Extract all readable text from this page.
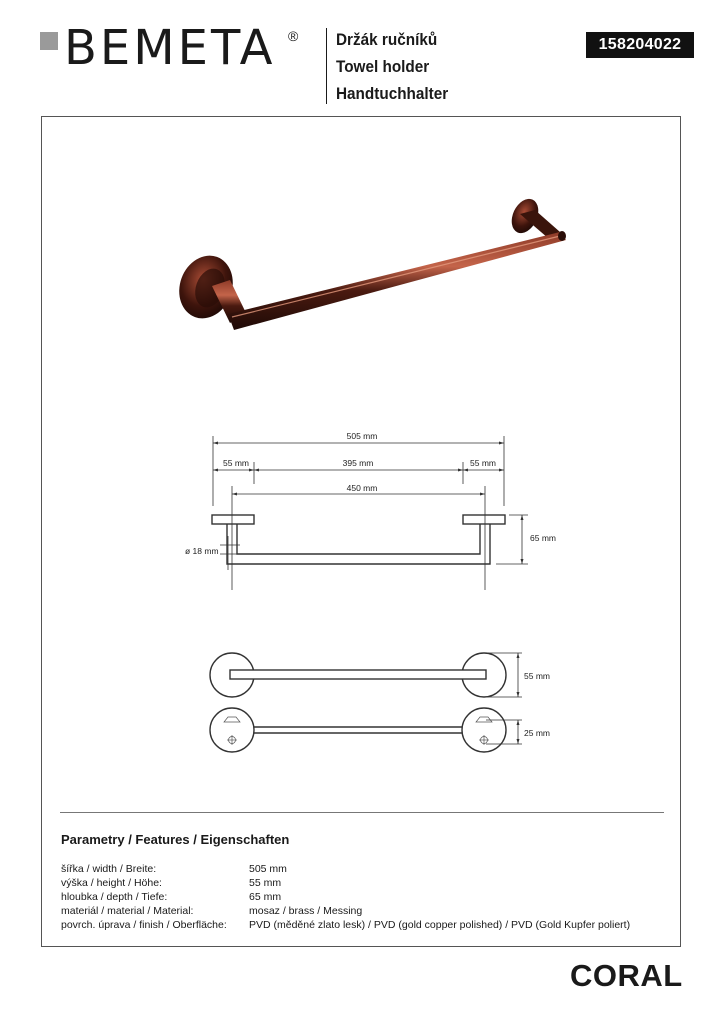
BEMETA ® Držák ručníků
Towel holder
Handtuchhalter
158204022
505 mm
55 mm	395 mm	55 mm
450 mm
65 mm
ø 18 mm
55 mm
25 mm
Parametry / Features / Eigenschaften
šířka / width / Breite:	505 mm
výška / height / Höhe:	55 mm
hloubka / depth / Tiefe:	65 mm
materiál / material / Material:	mosaz / brass / Messing
povrch. úprava / finish / Oberfläche: PVD (měděné zlato lesk) / PVD (gold copper polished) / PVD (Gold Kupfer poliert)
CORAL
